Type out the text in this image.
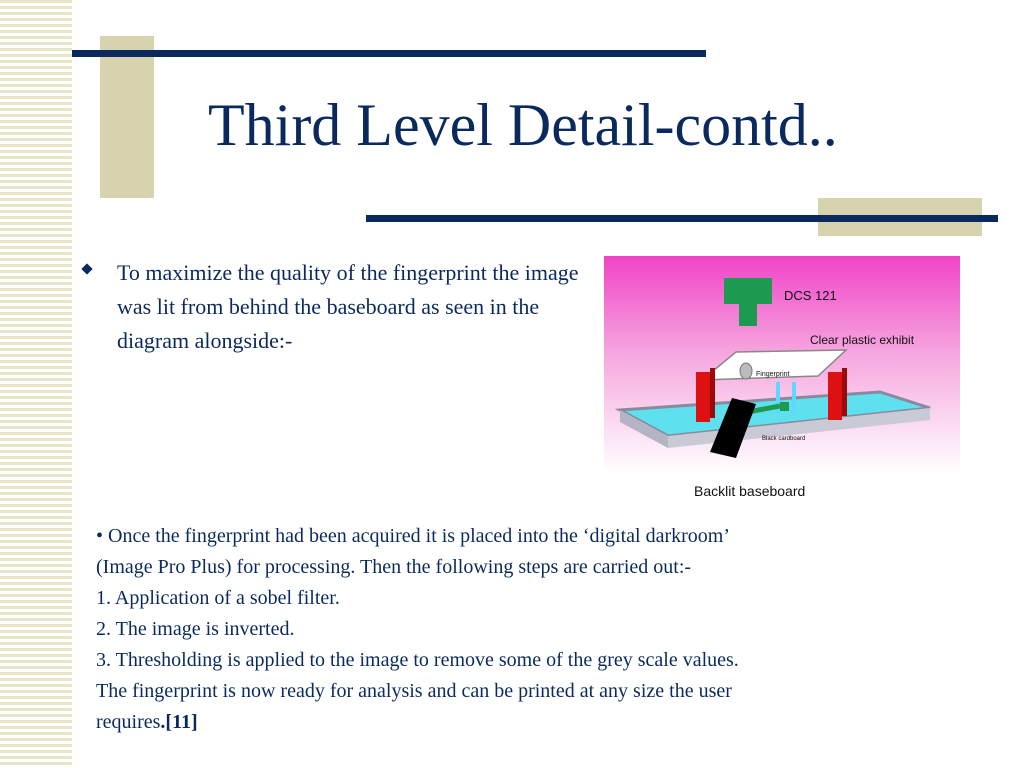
Third Level Detail-contd..

To maximize the quality of the fingerprint the image was lit from behind the baseboard as seen in the diagram alongside:-

DCS 121
Clear plastic exhibit
Fingerprint
Black cardboard
Backlit baseboard

• Once the fingerprint had been acquired it is placed into the ‘digital darkroom’

(Image Pro Plus) for processing. Then the following steps are carried out:-

1. Application of a sobel filter.

2. The image is inverted.

3. Thresholding is applied to the image to remove some of the grey scale values.

The fingerprint is now ready for analysis and can be printed at any size the user

requires.[11]
